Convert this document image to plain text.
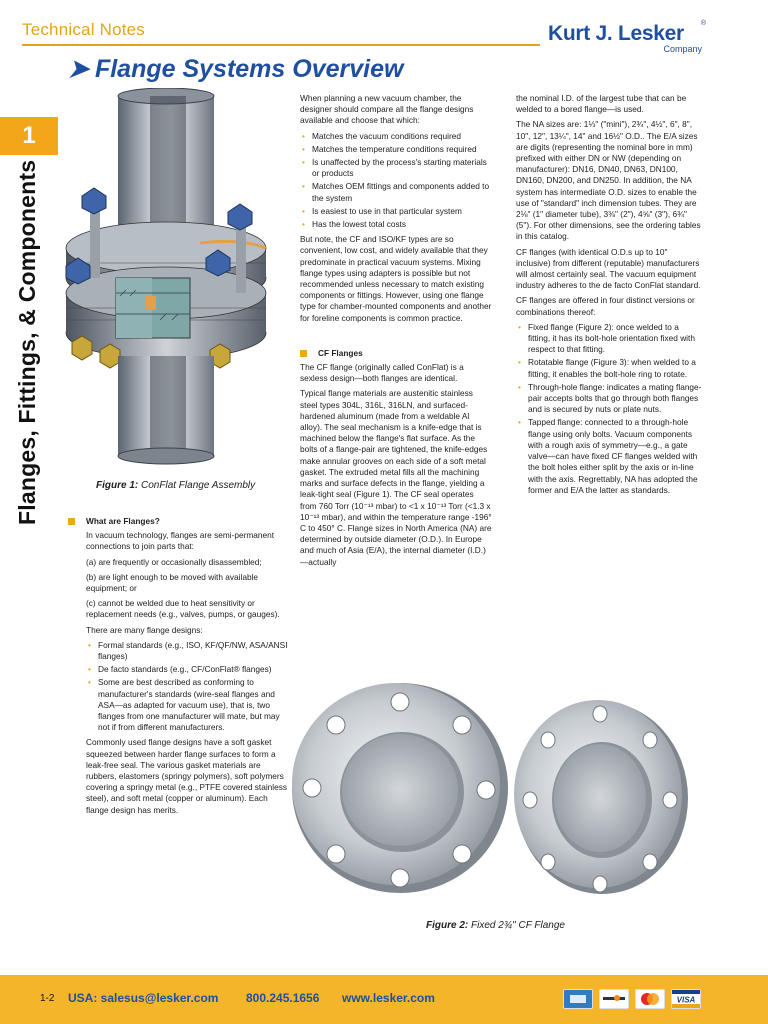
Technical Notes	Kurt J. Lesker ®
Company
1
Flanges, Fittings, & Components
➤ Flange Systems Overview
Figure 1: ConFlat Flange Assembly
What are Flanges?

In vacuum technology, flanges are semi-permanent connections to join parts that:

(a) are frequently or occasionally disassembled;

(b) are light enough to be moved with available equipment; or

(c) cannot be welded due to heat sensitivity or replacement needs (e.g., valves, pumps, or gauges).

There are many flange designs:

• Formal standards (e.g., ISO, KF/QF/NW, ASA/ANSI flanges)
• De facto standards (e.g., CF/ConFlat® flanges)
• Some are best described as conforming to manufacturer's standards (wire-seal flanges and ASA—as adapted for vacuum use), that is, two flanges from one manufacturer will mate, but may not if from different manufacturers.

Commonly used flange designs have a soft gasket squeezed between harder flange surfaces to form a leak-free seal. The various gasket materials are rubbers, elastomers (springy polymers), soft polymers covering a springy metal (e.g., PTFE covered stainless steel), and soft metal (copper or aluminum). Each flange design has merits.

When planning a new vacuum chamber, the designer should compare all the flange designs available and choose that which:

• Matches the vacuum conditions required
• Matches the temperature conditions required
• Is unaffected by the process's starting materials or products
• Matches OEM fittings and components added to the system
• Is easiest to use in that particular system
• Has the lowest total costs

But note, the CF and ISO/KF types are so convenient, low cost, and widely available that they predominate in practical vacuum systems. Mixing flange types using adapters is possible but not recommended unless necessary to match existing components or fittings. However, using one flange type for chamber-mounted components and another for foreline components is common practice.

CF Flanges

The CF flange (originally called ConFlat) is a sexless design—both flanges are identical.

Typical flange materials are austenitic stainless steel types 304L, 316L, 316LN, and surfaced-hardened aluminum (made from a weldable Al alloy). The seal mechanism is a knife-edge that is machined below the flange's flat surface. As the bolts of a flange-pair are tightened, the knife-edges make annular grooves on each side of a soft metal gasket. The extruded metal fills all the machining marks and surface defects in the flange, yielding a leak-tight seal (Figure 1). The CF seal operates from 760 Torr (10⁻¹³ mbar) to <1 x 10⁻¹³ Torr (<1.3 x 10⁻¹³ mbar), and within the temperature range -196° C to 450° C. Flange sizes in North America (NA) are determined by outside diameter (O.D.). In Europe and much of Asia (E/A), the internal diameter (I.D.)—actually

the nominal I.D. of the largest tube that can be welded to a bored flange—is used.

The NA sizes are: 1⅓" ("mini"), 2¾", 4½", 6", 8", 10", 12", 13¼", 14" and 16½" O.D.. The E/A sizes are digits (representing the nominal bore in mm) prefixed with either DN or NW (depending on manufacturer): DN16, DN40, DN63, DN100, DN160, DN200, and DN250. In addition, the NA system has intermediate O.D. sizes to enable the use of "standard" inch dimension tubes. They are 2⅛" (1" diameter tube), 3⅜" (2"), 4⅝" (3"), 6¾" (5"). For other dimensions, see the ordering tables in this catalog.

CF flanges (with identical O.D.s up to 10" inclusive) from different (reputable) manufacturers will almost certainly seal. The vacuum equipment industry adheres to the de facto ConFlat standard.

CF flanges are offered in four distinct versions or combinations thereof:

• Fixed flange (Figure 2): once welded to a fitting, it has its bolt-hole orientation fixed with respect to that fitting.
• Rotatable flange (Figure 3): when welded to a fitting, it enables the bolt-hole ring to rotate.
• Through-hole flange: indicates a mating flange-pair accepts bolts that go through both flanges and is secured by nuts or plate nuts.
• Tapped flange: connected to a through-hole flange using only bolts. Vacuum components with a rough axis of symmetry—e.g., a gate valve—can have fixed CF flanges welded with the bolt holes either split by the axis or in-line with the axis. Regrettably, NA has adopted the former and E/A the latter as standards.
Figure 2: Fixed 2¾" CF Flange
1-2 USA: salesus@lesker.com 800.245.1656 www.lesker.com	VISA
